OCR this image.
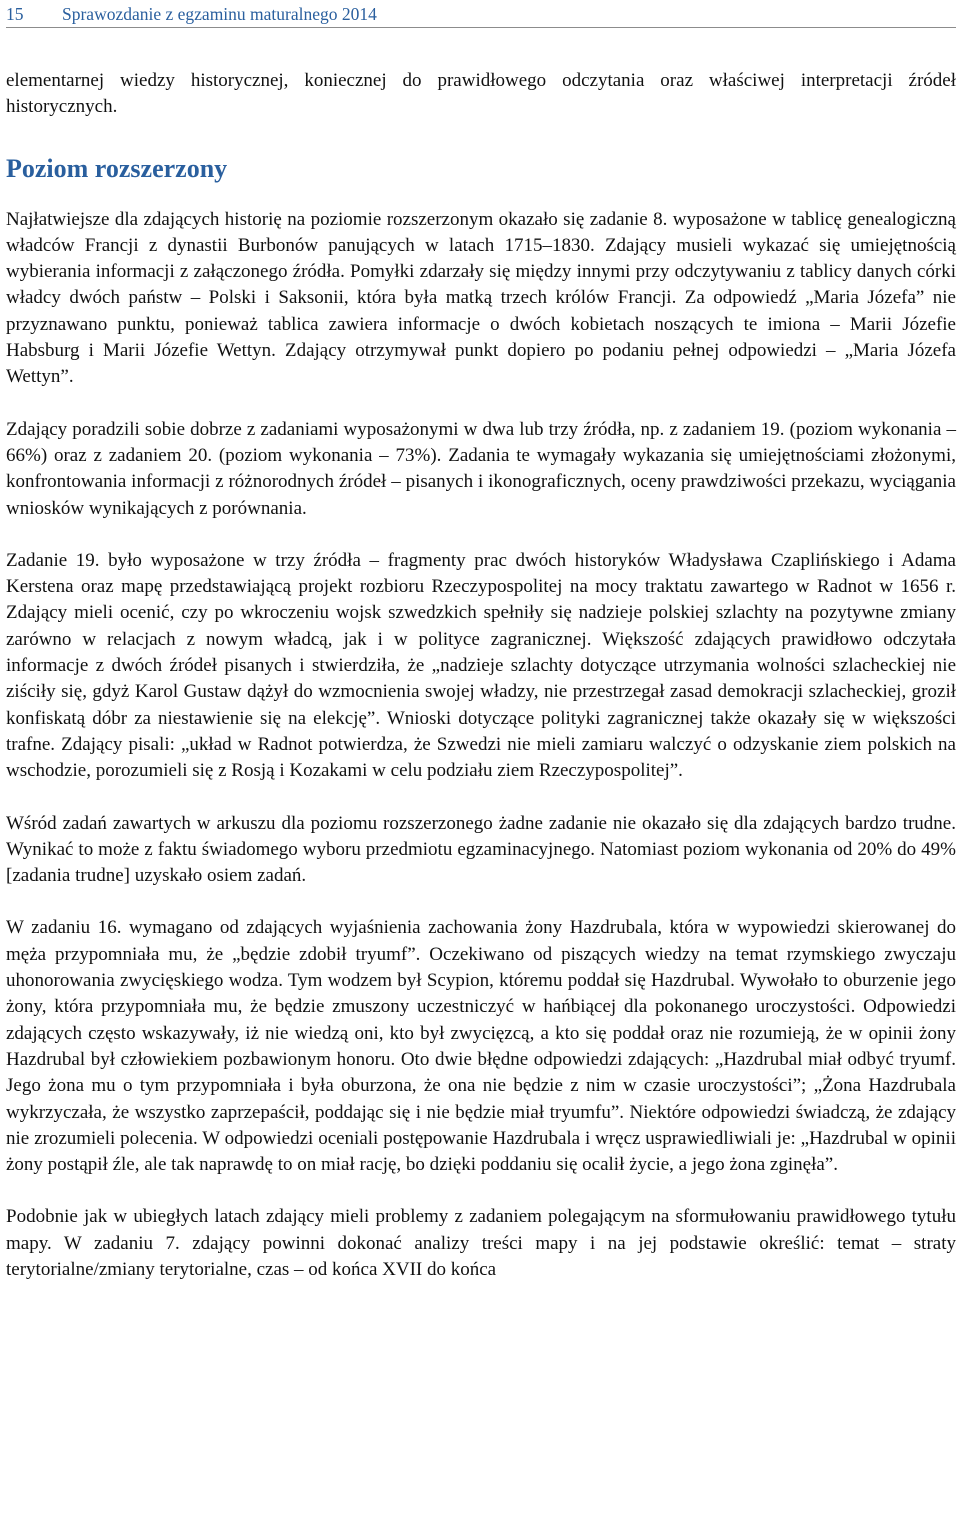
15	Sprawozdanie z egzaminu maturalnego 2014

elementarnej wiedzy historycznej, koniecznej do prawidłowego odczytania oraz właściwej interpretacji źródeł historycznych.

Poziom rozszerzony

Najłatwiejsze dla zdających historię na poziomie rozszerzonym okazało się zadanie 8. wyposażone w tablicę genealogiczną władców Francji z dynastii Burbonów panujących w latach 1715–1830. Zdający musieli wykazać się umiejętnością wybierania informacji z załączonego źródła. Pomyłki zdarzały się między innymi przy odczytywaniu z tablicy danych córki władcy dwóch państw – Polski i Saksonii, która była matką trzech królów Francji. Za odpowiedź „Maria Józefa” nie przyznawano punktu, ponieważ tablica zawiera informacje o dwóch kobietach noszących te imiona – Marii Józefie Habsburg i Marii Józefie Wettyn. Zdający otrzymywał punkt dopiero po podaniu pełnej odpowiedzi – „Maria Józefa Wettyn”.

Zdający poradzili sobie dobrze z zadaniami wyposażonymi w dwa lub trzy źródła, np. z zadaniem 19. (poziom wykonania – 66%) oraz z zadaniem 20. (poziom wykonania – 73%). Zadania te wymagały wykazania się umiejętnościami złożonymi, konfrontowania informacji z różnorodnych źródeł – pisanych i ikonograficznych, oceny prawdziwości przekazu, wyciągania wniosków wynikających z porównania.

Zadanie 19. było wyposażone w trzy źródła – fragmenty prac dwóch historyków Władysława Czaplińskiego i Adama Kerstena oraz mapę przedstawiającą projekt rozbioru Rzeczypospolitej na mocy traktatu zawartego w Radnot w 1656 r. Zdający mieli ocenić, czy po wkroczeniu wojsk szwedzkich spełniły się nadzieje polskiej szlachty na pozytywne zmiany zarówno w relacjach z nowym władcą, jak i w polityce zagranicznej. Większość zdających prawidłowo odczytała informacje z dwóch źródeł pisanych i stwierdziła, że „nadzieje szlachty dotyczące utrzymania wolności szlacheckiej nie ziściły się, gdyż Karol Gustaw dążył do wzmocnienia swojej władzy, nie przestrzegał zasad demokracji szlacheckiej, groził konfiskatą dóbr za niestawienie się na elekcję”. Wnioski dotyczące polityki zagranicznej także okazały się w większości trafne. Zdający pisali: „układ w Radnot potwierdza, że Szwedzi nie mieli zamiaru walczyć o odzyskanie ziem polskich na wschodzie, porozumieli się z Rosją i Kozakami w celu podziału ziem Rzeczypospolitej”.

Wśród zadań zawartych w arkuszu dla poziomu rozszerzonego żadne zadanie nie okazało się dla zdających bardzo trudne. Wynikać to może z faktu świadomego wyboru przedmiotu egzaminacyjnego. Natomiast poziom wykonania od 20% do 49% [zadania trudne] uzyskało osiem zadań.

W zadaniu 16. wymagano od zdających wyjaśnienia zachowania żony Hazdrubala, która w wypowiedzi skierowanej do męża przypomniała mu, że „będzie zdobił tryumf”. Oczekiwano od piszących wiedzy na temat rzymskiego zwyczaju uhonorowania zwycięskiego wodza. Tym wodzem był Scypion, któremu poddał się Hazdrubal. Wywołało to oburzenie jego żony, która przypomniała mu, że będzie zmuszony uczestniczyć w hańbiącej dla pokonanego uroczystości. Odpowiedzi zdających często wskazywały, iż nie wiedzą oni, kto był zwycięzcą, a kto się poddał oraz nie rozumieją, że w opinii żony Hazdrubal był człowiekiem pozbawionym honoru. Oto dwie błędne odpowiedzi zdających: „Hazdrubal miał odbyć tryumf. Jego żona mu o tym przypomniała i była oburzona, że ona nie będzie z nim w czasie uroczystości”; „Żona Hazdrubala wykrzyczała, że wszystko zaprzepaścił, poddając się i nie będzie miał tryumfu”. Niektóre odpowiedzi świadczą, że zdający nie zrozumieli polecenia. W odpowiedzi oceniali postępowanie Hazdrubala i wręcz usprawiedliwiali je: „Hazdrubal w opinii żony postąpił źle, ale tak naprawdę to on miał rację, bo dzięki poddaniu się ocalił życie, a jego żona zginęła”.

Podobnie jak w ubiegłych latach zdający mieli problemy z zadaniem polegającym na sformułowaniu prawidłowego tytułu mapy. W zadaniu 7. zdający powinni dokonać analizy treści mapy i na jej podstawie określić: temat – straty terytorialne/zmiany terytorialne, czas – od końca XVII do końca
